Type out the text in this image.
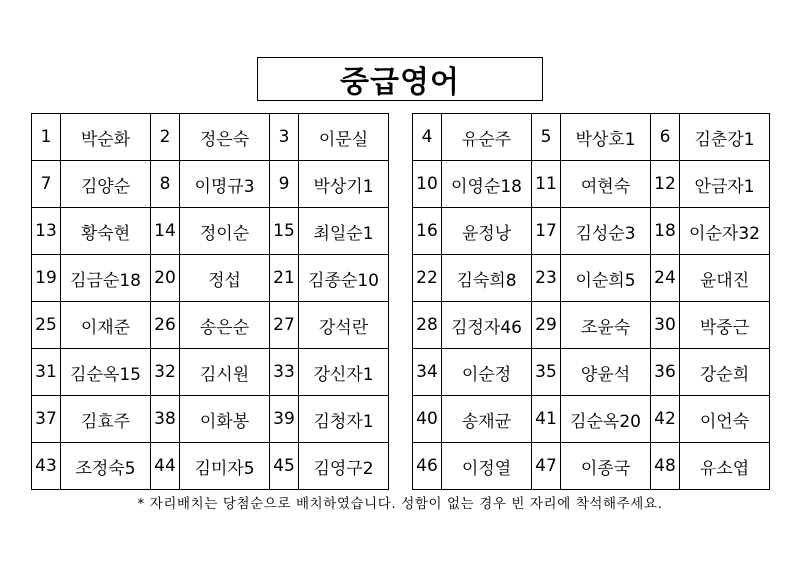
중급영어
1	박순화	2	정은숙	3	이문실
7	김양순	8	이명규3	9	박상기1
13	황숙현	14	정이순	15	최일순1
19	김금순18	20	정섭	21	김종순10
25	이재준	26	송은순	27	강석란
31	김순옥15	32	김시원	33	강신자1
37	김효주	38	이화봉	39	김청자1
43	조정숙5	44	김미자5	45	김영구2
4	유순주	5	박상호1	6	김춘강1
10	이영순18	11	여현숙	12	안금자1
16	윤정낭	17	김성순3	18	이순자32
22	김숙희8	23	이순희5	24	윤대진
28	김정자46	29	조윤숙	30	박중근
34	이순정	35	양윤석	36	강순희
40	송재균	41	김순옥20	42	이언숙
46	이정열	47	이종국	48	유소엽
* 자리배치는 당첨순으로 배치하였습니다. 성함이 없는 경우 빈 자리에 착석해주세요.
